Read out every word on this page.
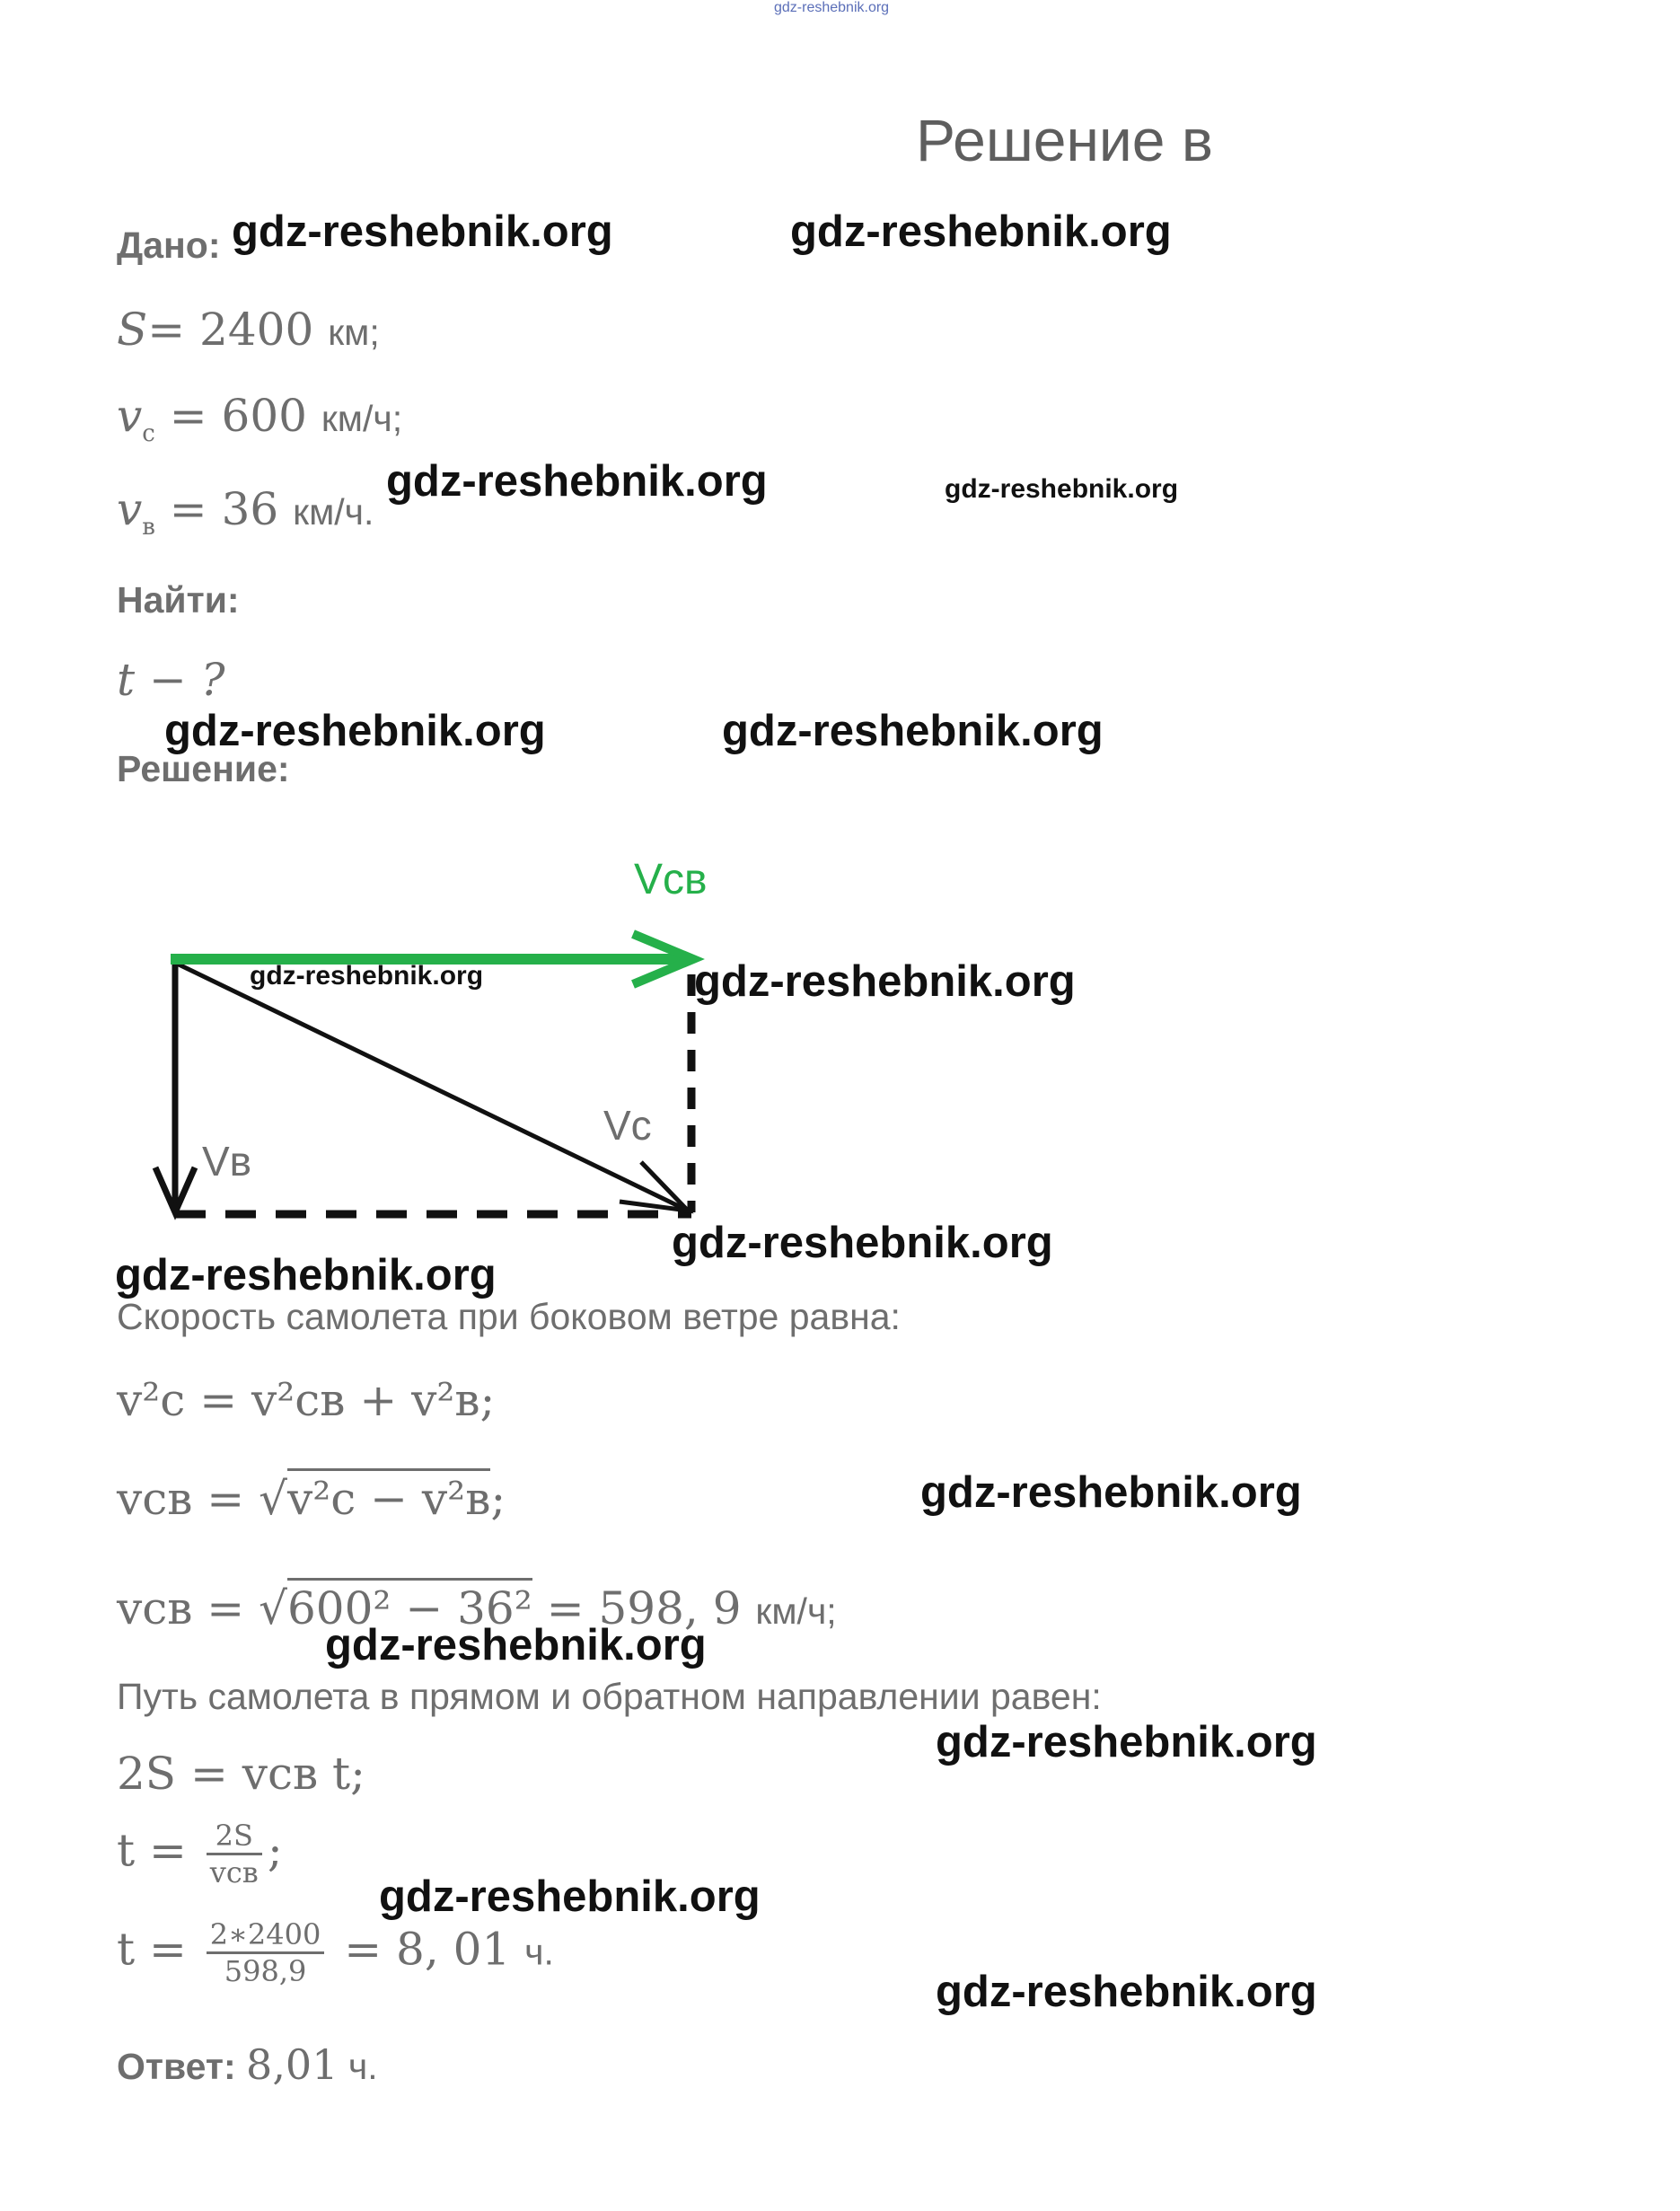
gdz-reshebnik.org
Решение в
Дано:
S= 2400 км;
$v_с = 600$ км/ч;
$v_в = 36$ км/ч.
Найти:
t − ?
Решение:
Vсв
Vс
Vв
Скорость самолета при боковом ветре равна:
v²с = v²св + v²в;
vсв = √v²с − v²в;
vсв = √600² − 36² = 598, 9 км/ч;
Путь самолета в прямом и обратном направлении равен:
2S = vсв t;
$t = \frac{2S}{\text{vсв}}$ ;
$t = \frac{2∗2400}{598,9} = 8$, 01 ч.
Ответ: 8,01 ч.
gdz-reshebnik.org	gdz-reshebnik.org
gdz-reshebnik.org	gdz-reshebnik.org
gdz-reshebnik.org	gdz-reshebnik.org
gdz-reshebnik.org	gdz-reshebnik.org
gdz-reshebnik.org
gdz-reshebnik.org
gdz-reshebnik.org
gdz-reshebnik.org
gdz-reshebnik.org
gdz-reshebnik.org
gdz-reshebnik.org
